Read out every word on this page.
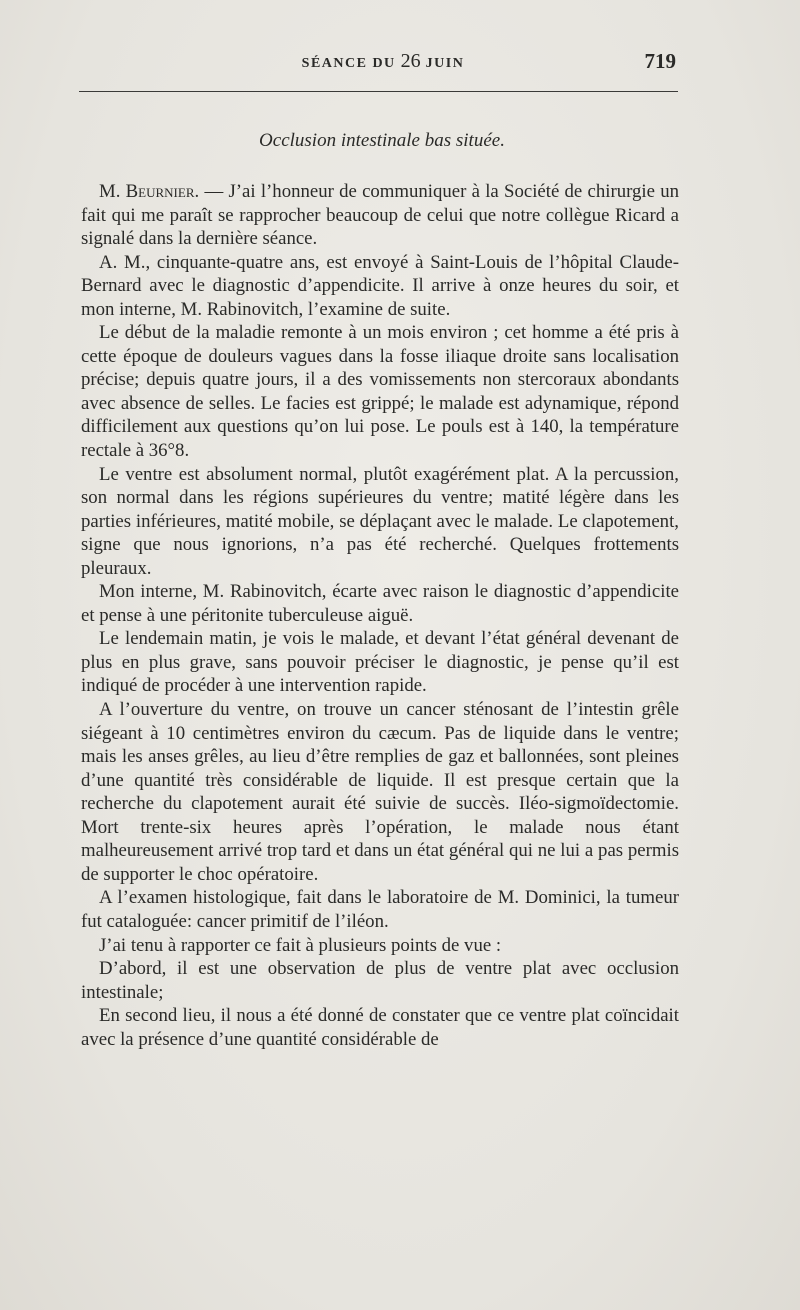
SÉANCE DU 26 JUIN	719
Occlusion intestinale bas située.

M. Beurnier. — J’ai l’honneur de communiquer à la Société de chirurgie un fait qui me paraît se rapprocher beaucoup de celui que notre collègue Ricard a signalé dans la dernière séance.

A. M., cinquante-quatre ans, est envoyé à Saint-Louis de l’hôpital Claude-Bernard avec le diagnostic d’appendicite. Il arrive à onze heures du soir, et mon interne, M. Rabinovitch, l’examine de suite.

Le début de la maladie remonte à un mois environ ; cet homme a été pris à cette époque de douleurs vagues dans la fosse iliaque droite sans localisation précise; depuis quatre jours, il a des vomissements non stercoraux abondants avec absence de selles. Le facies est grippé; le malade est adynamique, répond difficilement aux questions qu’on lui pose. Le pouls est à 140, la température rectale à 36°8.

Le ventre est absolument normal, plutôt exagérément plat. A la percussion, son normal dans les régions supérieures du ventre; matité légère dans les parties inférieures, matité mobile, se déplaçant avec le malade. Le clapotement, signe que nous ignorions, n’a pas été recherché. Quelques frottements pleuraux.

Mon interne, M. Rabinovitch, écarte avec raison le diagnostic d’appendicite et pense à une péritonite tuberculeuse aiguë.

Le lendemain matin, je vois le malade, et devant l’état général devenant de plus en plus grave, sans pouvoir préciser le diagnostic, je pense qu’il est indiqué de procéder à une intervention rapide.

A l’ouverture du ventre, on trouve un cancer sténosant de l’intestin grêle siégeant à 10 centimètres environ du cæcum. Pas de liquide dans le ventre; mais les anses grêles, au lieu d’être remplies de gaz et ballonnées, sont pleines d’une quantité très considérable de liquide. Il est presque certain que la recherche du clapotement aurait été suivie de succès. Iléo-sigmoïdectomie. Mort trente-six heures après l’opération, le malade nous étant malheureusement arrivé trop tard et dans un état général qui ne lui a pas permis de supporter le choc opératoire.

A l’examen histologique, fait dans le laboratoire de M. Dominici, la tumeur fut cataloguée: cancer primitif de l’iléon.

J’ai tenu à rapporter ce fait à plusieurs points de vue :

D’abord, il est une observation de plus de ventre plat avec occlusion intestinale;

En second lieu, il nous a été donné de constater que ce ventre plat coïncidait avec la présence d’une quantité considérable de
